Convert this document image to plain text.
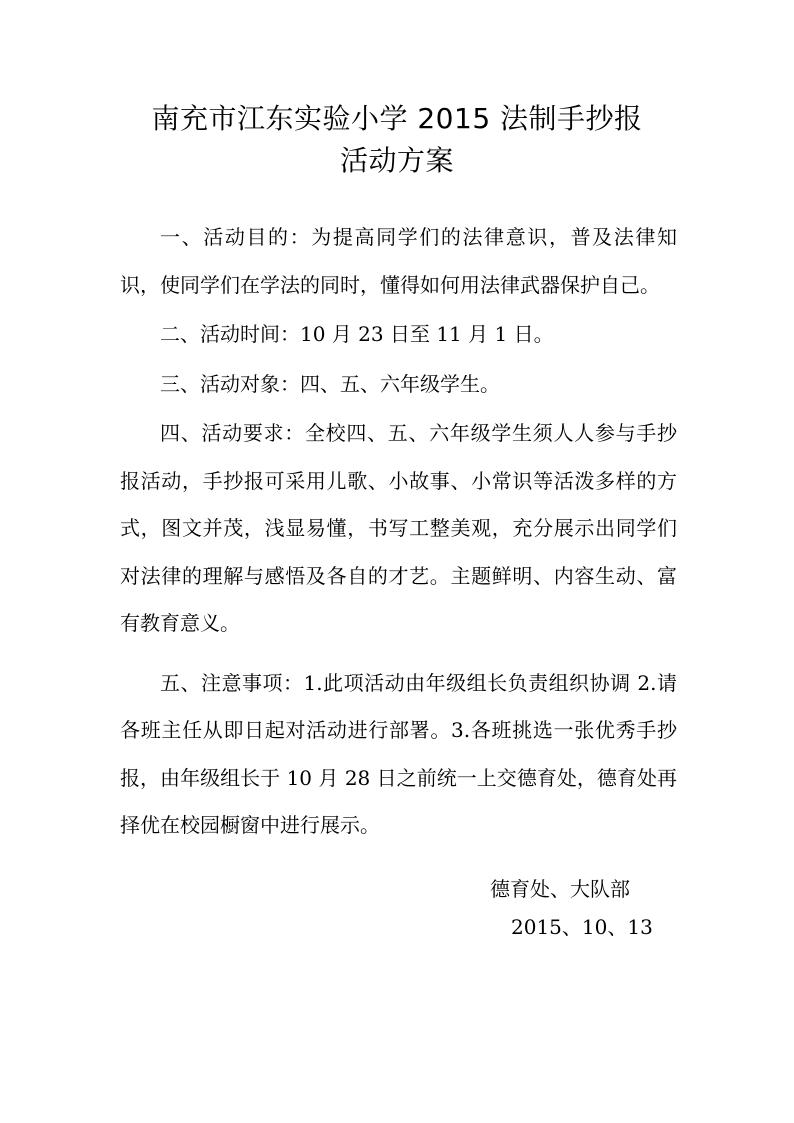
南充市江东实验小学 2015 法制手抄报
活动方案

一、活动目的：为提高同学们的法律意识，普及法律知识，使同学们在学法的同时，懂得如何用法律武器保护自己。

二、活动时间：10 月 23 日至 11 月 1 日。

三、活动对象：四、五、六年级学生。

四、活动要求：全校四、五、六年级学生须人人参与手抄报活动，手抄报可采用儿歌、小故事、小常识等活泼多样的方式，图文并茂，浅显易懂，书写工整美观，充分展示出同学们对法律的理解与感悟及各自的才艺。主题鲜明、内容生动、富有教育意义。

五、注意事项：1.此项活动由年级组长负责组织协调 2.请各班主任从即日起对活动进行部署。3.各班挑选一张优秀手抄报，由年级组长于 10 月 28 日之前统一上交德育处，德育处再择优在校园橱窗中进行展示。

德育处、大队部
2015、10、13
